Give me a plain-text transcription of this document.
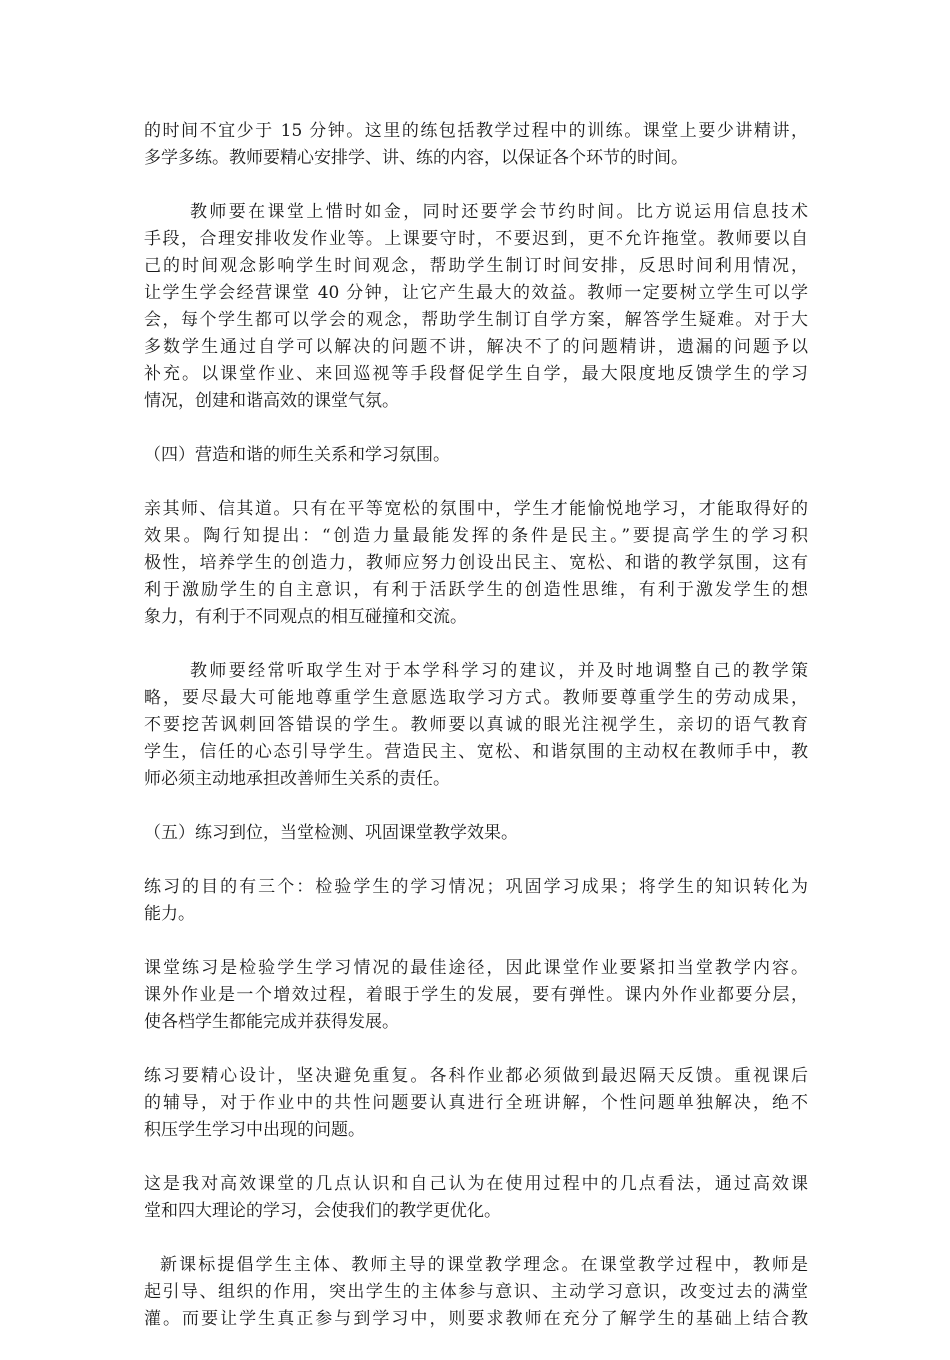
的时间不宜少于 15 分钟。这里的练包括教学过程中的训练。课堂上要少讲精讲，
多学多练。教师要精心安排学、讲、练的内容，以保证各个环节的时间。
教师要在课堂上惜时如金，同时还要学会节约时间。比方说运用信息技术
手段，合理安排收发作业等。上课要守时，不要迟到，更不允许拖堂。教师要以自
己的时间观念影响学生时间观念，帮助学生制订时间安排，反思时间利用情况，
让学生学会经营课堂 40 分钟，让它产生最大的效益。教师一定要树立学生可以学
会，每个学生都可以学会的观念，帮助学生制订自学方案，解答学生疑难。对于大
多数学生通过自学可以解决的问题不讲，解决不了的问题精讲，遗漏的问题予以
补充。以课堂作业、来回巡视等手段督促学生自学，最大限度地反馈学生的学习
情况，创建和谐高效的课堂气氛。
（四）营造和谐的师生关系和学习氛围。
亲其师、信其道。只有在平等宽松的氛围中，学生才能愉悦地学习，才能取得好的
效果。陶行知提出：“创造力量最能发挥的条件是民主。”要提高学生的学习积
极性，培养学生的创造力，教师应努力创设出民主、宽松、和谐的教学氛围，这有
利于激励学生的自主意识，有利于活跃学生的创造性思维，有利于激发学生的想
象力，有利于不同观点的相互碰撞和交流。
教师要经常听取学生对于本学科学习的建议，并及时地调整自己的教学策
略，要尽最大可能地尊重学生意愿选取学习方式。教师要尊重学生的劳动成果，
不要挖苦讽刺回答错误的学生。教师要以真诚的眼光注视学生，亲切的语气教育
学生，信任的心态引导学生。营造民主、宽松、和谐氛围的主动权在教师手中，教
师必须主动地承担改善师生关系的责任。
（五）练习到位，当堂检测、巩固课堂教学效果。
练习的目的有三个：检验学生的学习情况；巩固学习成果；将学生的知识转化为
能力。
课堂练习是检验学生学习情况的最佳途径，因此课堂作业要紧扣当堂教学内容。
课外作业是一个增效过程，着眼于学生的发展，要有弹性。课内外作业都要分层，
使各档学生都能完成并获得发展。
练习要精心设计，坚决避免重复。各科作业都必须做到最迟隔天反馈。重视课后
的辅导，对于作业中的共性问题要认真进行全班讲解，个性问题单独解决，绝不
积压学生学习中出现的问题。
这是我对高效课堂的几点认识和自己认为在使用过程中的几点看法，通过高效课
堂和四大理论的学习，会使我们的教学更优化。
新课标提倡学生主体、教师主导的课堂教学理念。在课堂教学过程中，教师是
起引导、组织的作用，突出学生的主体参与意识、主动学习意识，改变过去的满堂
灌。而要让学生真正参与到学习中，则要求教师在充分了解学生的基础上结合教
